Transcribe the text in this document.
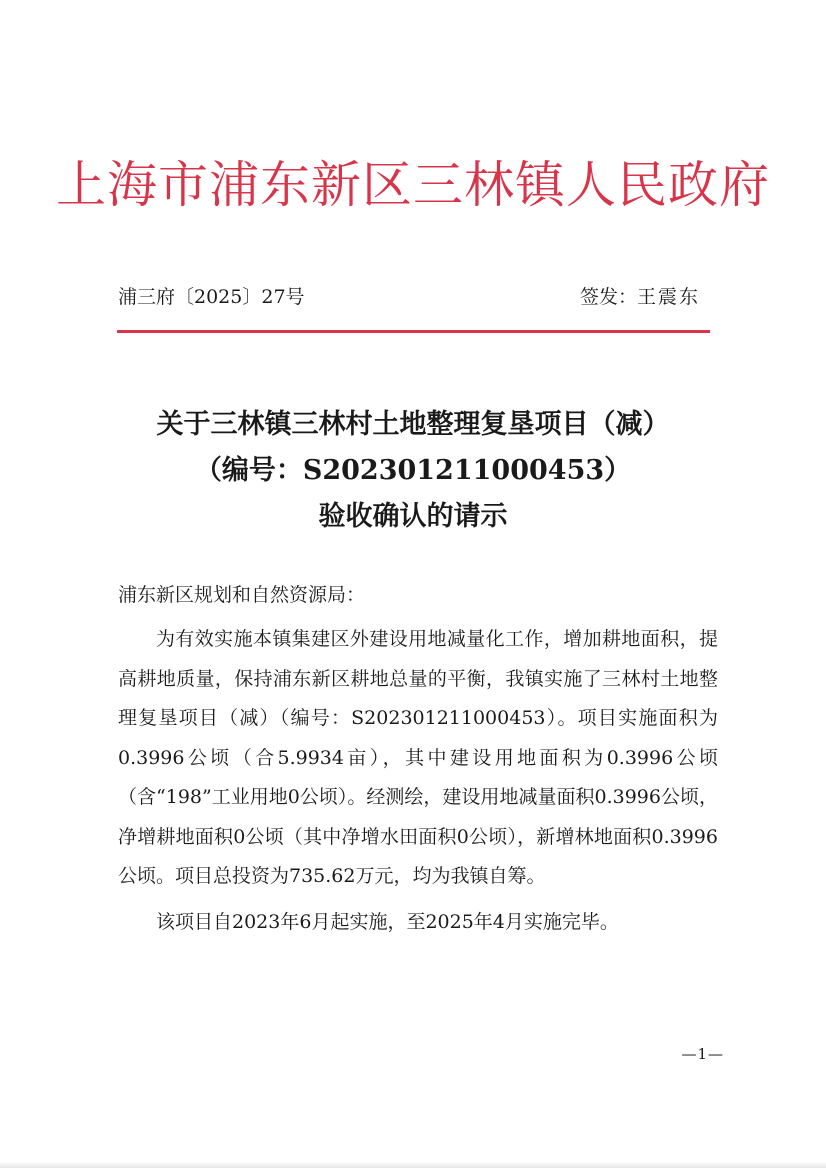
上海市浦东新区三林镇人民政府
浦三府〔2025〕27号	签发：王震东
关于三林镇三林村土地整理复垦项目（减）
（编号：S202301211000453）
验收确认的请示
浦东新区规划和自然资源局：

为有效实施本镇集建区外建设用地减量化工作，增加耕地面积，提高耕地质量，保持浦东新区耕地总量的平衡，我镇实施了三林村土地整理复垦项目（减）（编号：S202301211000453）。项目实施面积为0.3996公顷（合5.9934亩），其中建设用地面积为0.3996公顷（含“198”工业用地0公顷）。经测绘，建设用地减量面积0.3996公顷，净增耕地面积0公顷（其中净增水田面积0公顷），新增林地面积0.3996公顷。项目总投资为735.62万元，均为我镇自筹。

该项目自2023年6月起实施，至2025年4月实施完毕。

—1—
